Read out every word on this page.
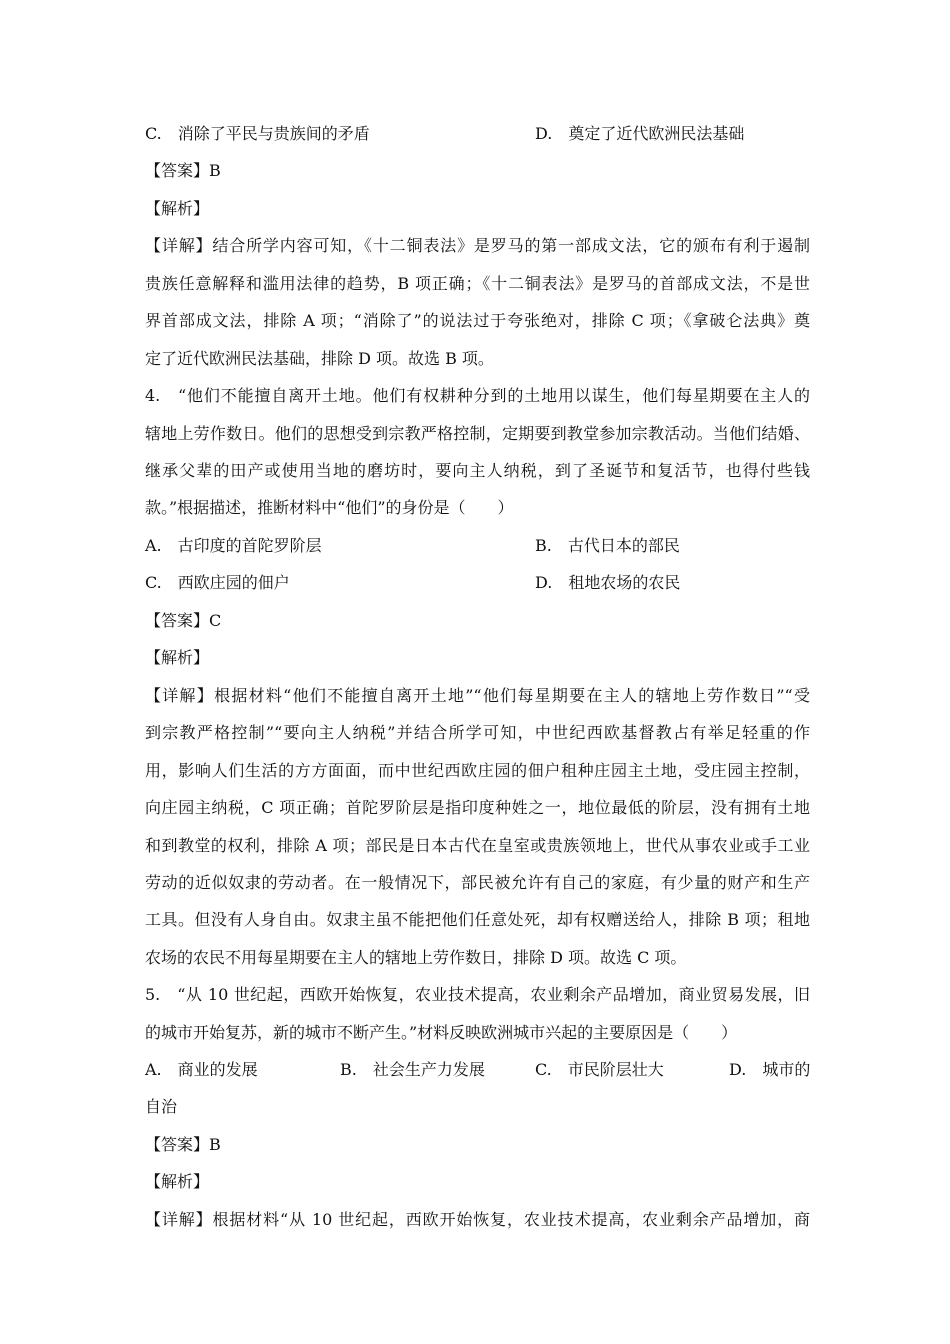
C.　消除了平民与贵族间的矛盾	D.　奠定了近代欧洲民法基础
【答案】B
【解析】
【详解】结合所学内容可知，《十二铜表法》是罗马的第一部成文法，它的颁布有利于遏制
贵族任意解释和滥用法律的趋势，B 项正确；《十二铜表法》是罗马的首部成文法，不是世
界首部成文法，排除 A 项；“消除了”的说法过于夸张绝对，排除 C 项；《拿破仑法典》奠
定了近代欧洲民法基础，排除 D 项。故选 B 项。
4.　“他们不能擅自离开土地。他们有权耕种分到的土地用以谋生，他们每星期要在主人的
辖地上劳作数日。他们的思想受到宗教严格控制，定期要到教堂参加宗教活动。当他们结婚、
继承父辈的田产或使用当地的磨坊时，要向主人纳税，到了圣诞节和复活节，也得付些钱
款。”根据描述，推断材料中“他们”的身份是（　　）
A.　古印度的首陀罗阶层	B.　古代日本的部民
C.　西欧庄园的佃户	D.　租地农场的农民
【答案】C
【解析】
【详解】根据材料“他们不能擅自离开土地”“他们每星期要在主人的辖地上劳作数日”“受
到宗教严格控制”“要向主人纳税”并结合所学可知，中世纪西欧基督教占有举足轻重的作
用，影响人们生活的方方面面，而中世纪西欧庄园的佃户租种庄园主土地，受庄园主控制，
向庄园主纳税，C 项正确；首陀罗阶层是指印度种姓之一，地位最低的阶层，没有拥有土地
和到教堂的权利，排除 A 项；部民是日本古代在皇室或贵族领地上，世代从事农业或手工业
劳动的近似奴隶的劳动者。在一般情况下，部民被允许有自己的家庭，有少量的财产和生产
工具。但没有人身自由。奴隶主虽不能把他们任意处死，却有权赠送给人，排除 B 项；租地
农场的农民不用每星期要在主人的辖地上劳作数日，排除 D 项。故选 C 项。
5.　“从 10 世纪起，西欧开始恢复，农业技术提高，农业剩余产品增加，商业贸易发展，旧
的城市开始复苏，新的城市不断产生。”材料反映欧洲城市兴起的主要原因是（　　）
A.　商业的发展	B.　社会生产力发展	C.　市民阶层壮大	D.　城市的
自治
【答案】B
【解析】
【详解】根据材料“从 10 世纪起，西欧开始恢复，农业技术提高，农业剩余产品增加，商
